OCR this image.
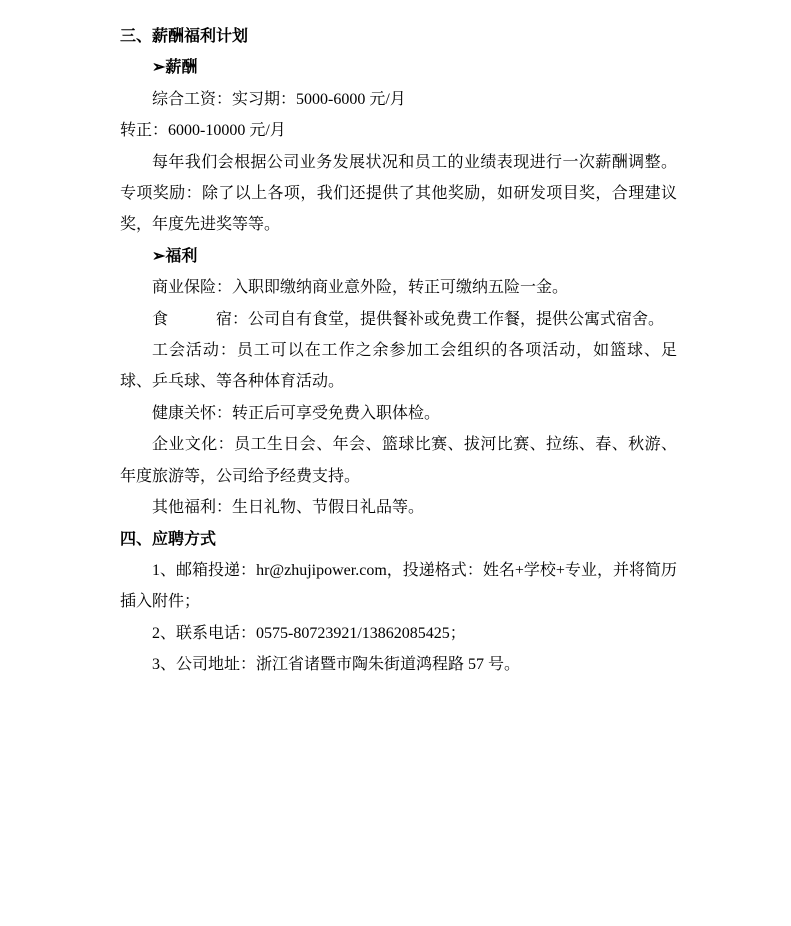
三、薪酬福利计划
➢薪酬
综合工资：实习期：5000-6000 元/月
转正：6000-10000 元/月

每年我们会根据公司业务发展状况和员工的业绩表现进行一次薪酬调整。专项奖励：除了以上各项，我们还提供了其他奖励，如研发项目奖，合理建议奖，年度先进奖等等。

➢福利

商业保险：入职即缴纳商业意外险，转正可缴纳五险一金。

食　　　宿：公司自有食堂，提供餐补或免费工作餐，提供公寓式宿舍。

工会活动：员工可以在工作之余参加工会组织的各项活动，如篮球、足球、乒乓球、等各种体育活动。

健康关怀：转正后可享受免费入职体检。

企业文化：员工生日会、年会、篮球比赛、拔河比赛、拉练、春、秋游、年度旅游等，公司给予经费支持。

其他福利：生日礼物、节假日礼品等。

四、应聘方式

1、邮箱投递：hr@zhujipower.com，投递格式：姓名+学校+专业，并将简历插入附件；

2、联系电话：0575-80723921/13862085425；

3、公司地址：浙江省诸暨市陶朱街道鸿程路 57 号。
